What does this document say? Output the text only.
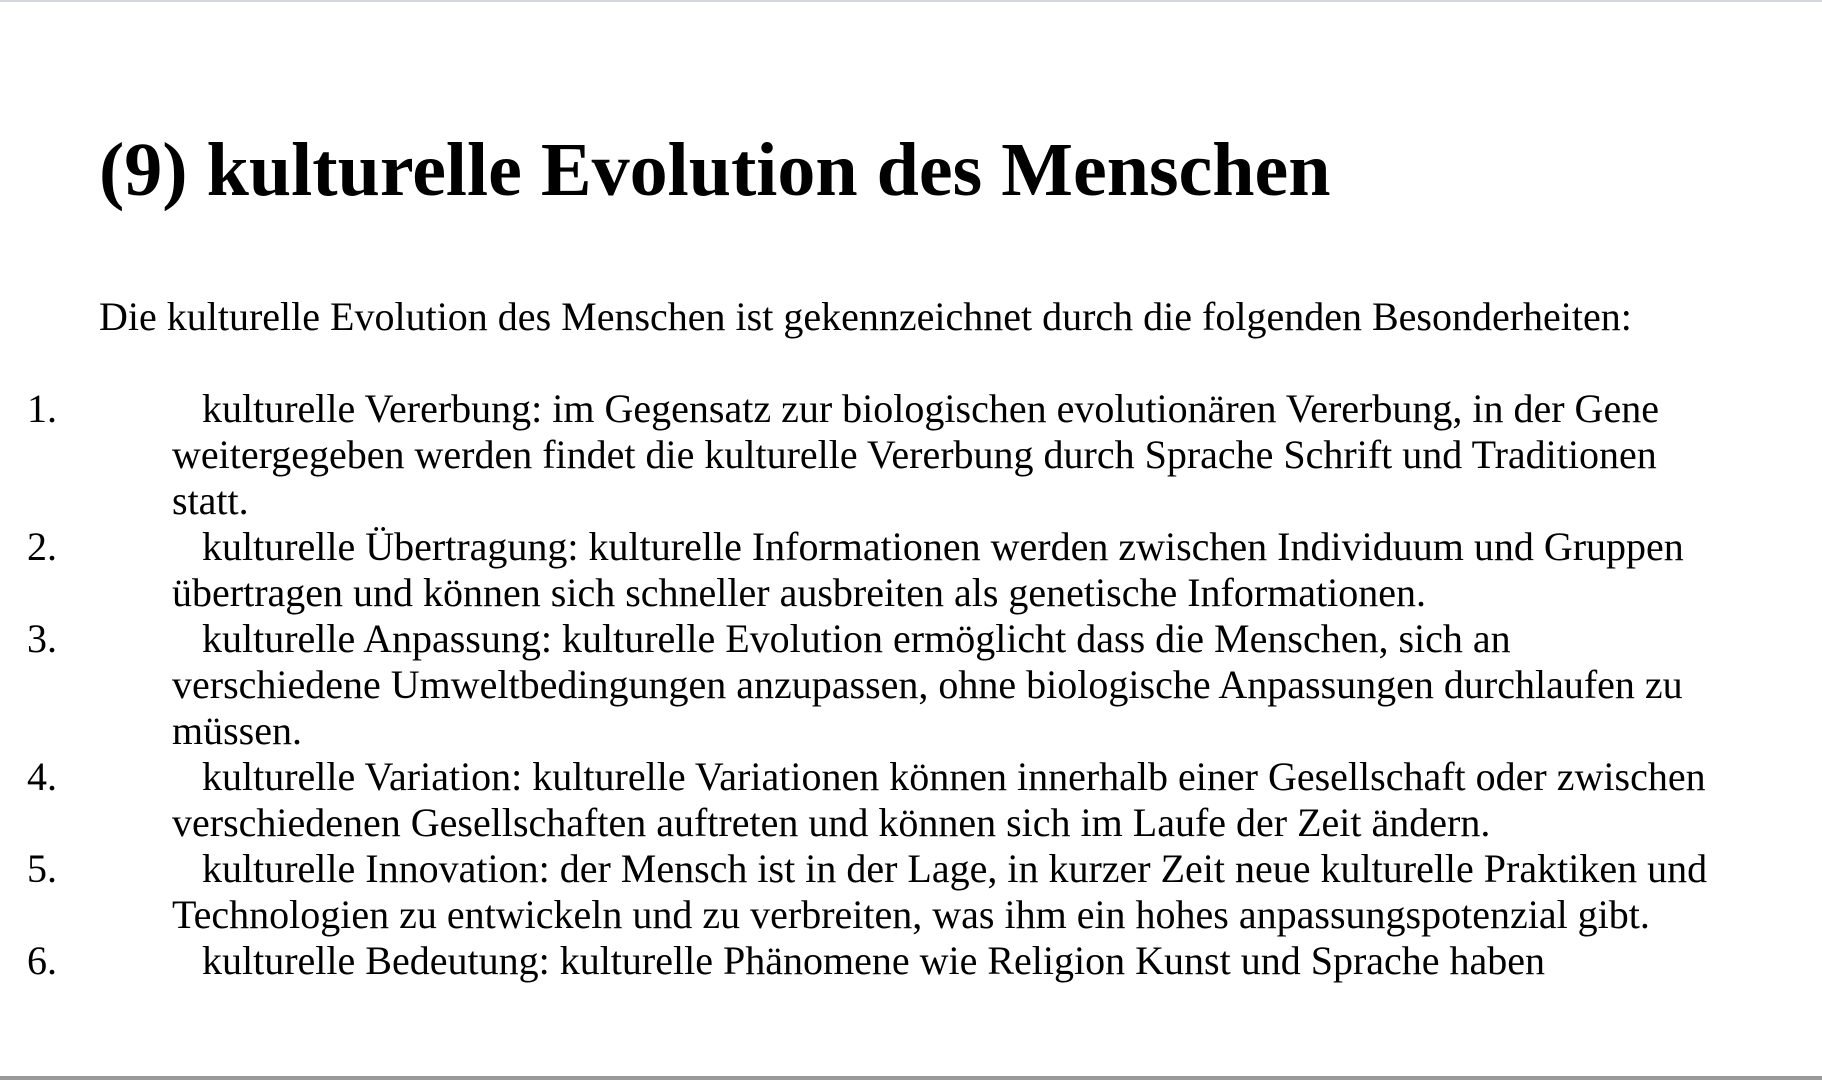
(9) kulturelle Evolution des Menschen

Die kulturelle Evolution des Menschen ist gekennzeichnet durch die folgenden Besonderheiten:

1.	kulturelle Vererbung: im Gegensatz zur biologischen evolutionären Vererbung, in der Gene weitergegeben werden findet die kulturelle Vererbung durch Sprache Schrift und Traditionen statt.
2.	kulturelle Übertragung: kulturelle Informationen werden zwischen Individuum und Gruppen übertragen und können sich schneller ausbreiten als genetische Informationen.
3.	kulturelle Anpassung: kulturelle Evolution ermöglicht dass die Menschen, sich an verschiedene Umweltbedingungen anzupassen, ohne biologische Anpassungen durchlaufen zu müssen.
4.	kulturelle Variation: kulturelle Variationen können innerhalb einer Gesellschaft oder zwischen verschiedenen Gesellschaften auftreten und können sich im Laufe der Zeit ändern.
5.	kulturelle Innovation: der Mensch ist in der Lage, in kurzer Zeit neue kulturelle Praktiken und Technologien zu entwickeln und zu verbreiten, was ihm ein hohes anpassungspotenzial gibt.
6.	kulturelle Bedeutung: kulturelle Phänomene wie Religion Kunst und Sprache haben
